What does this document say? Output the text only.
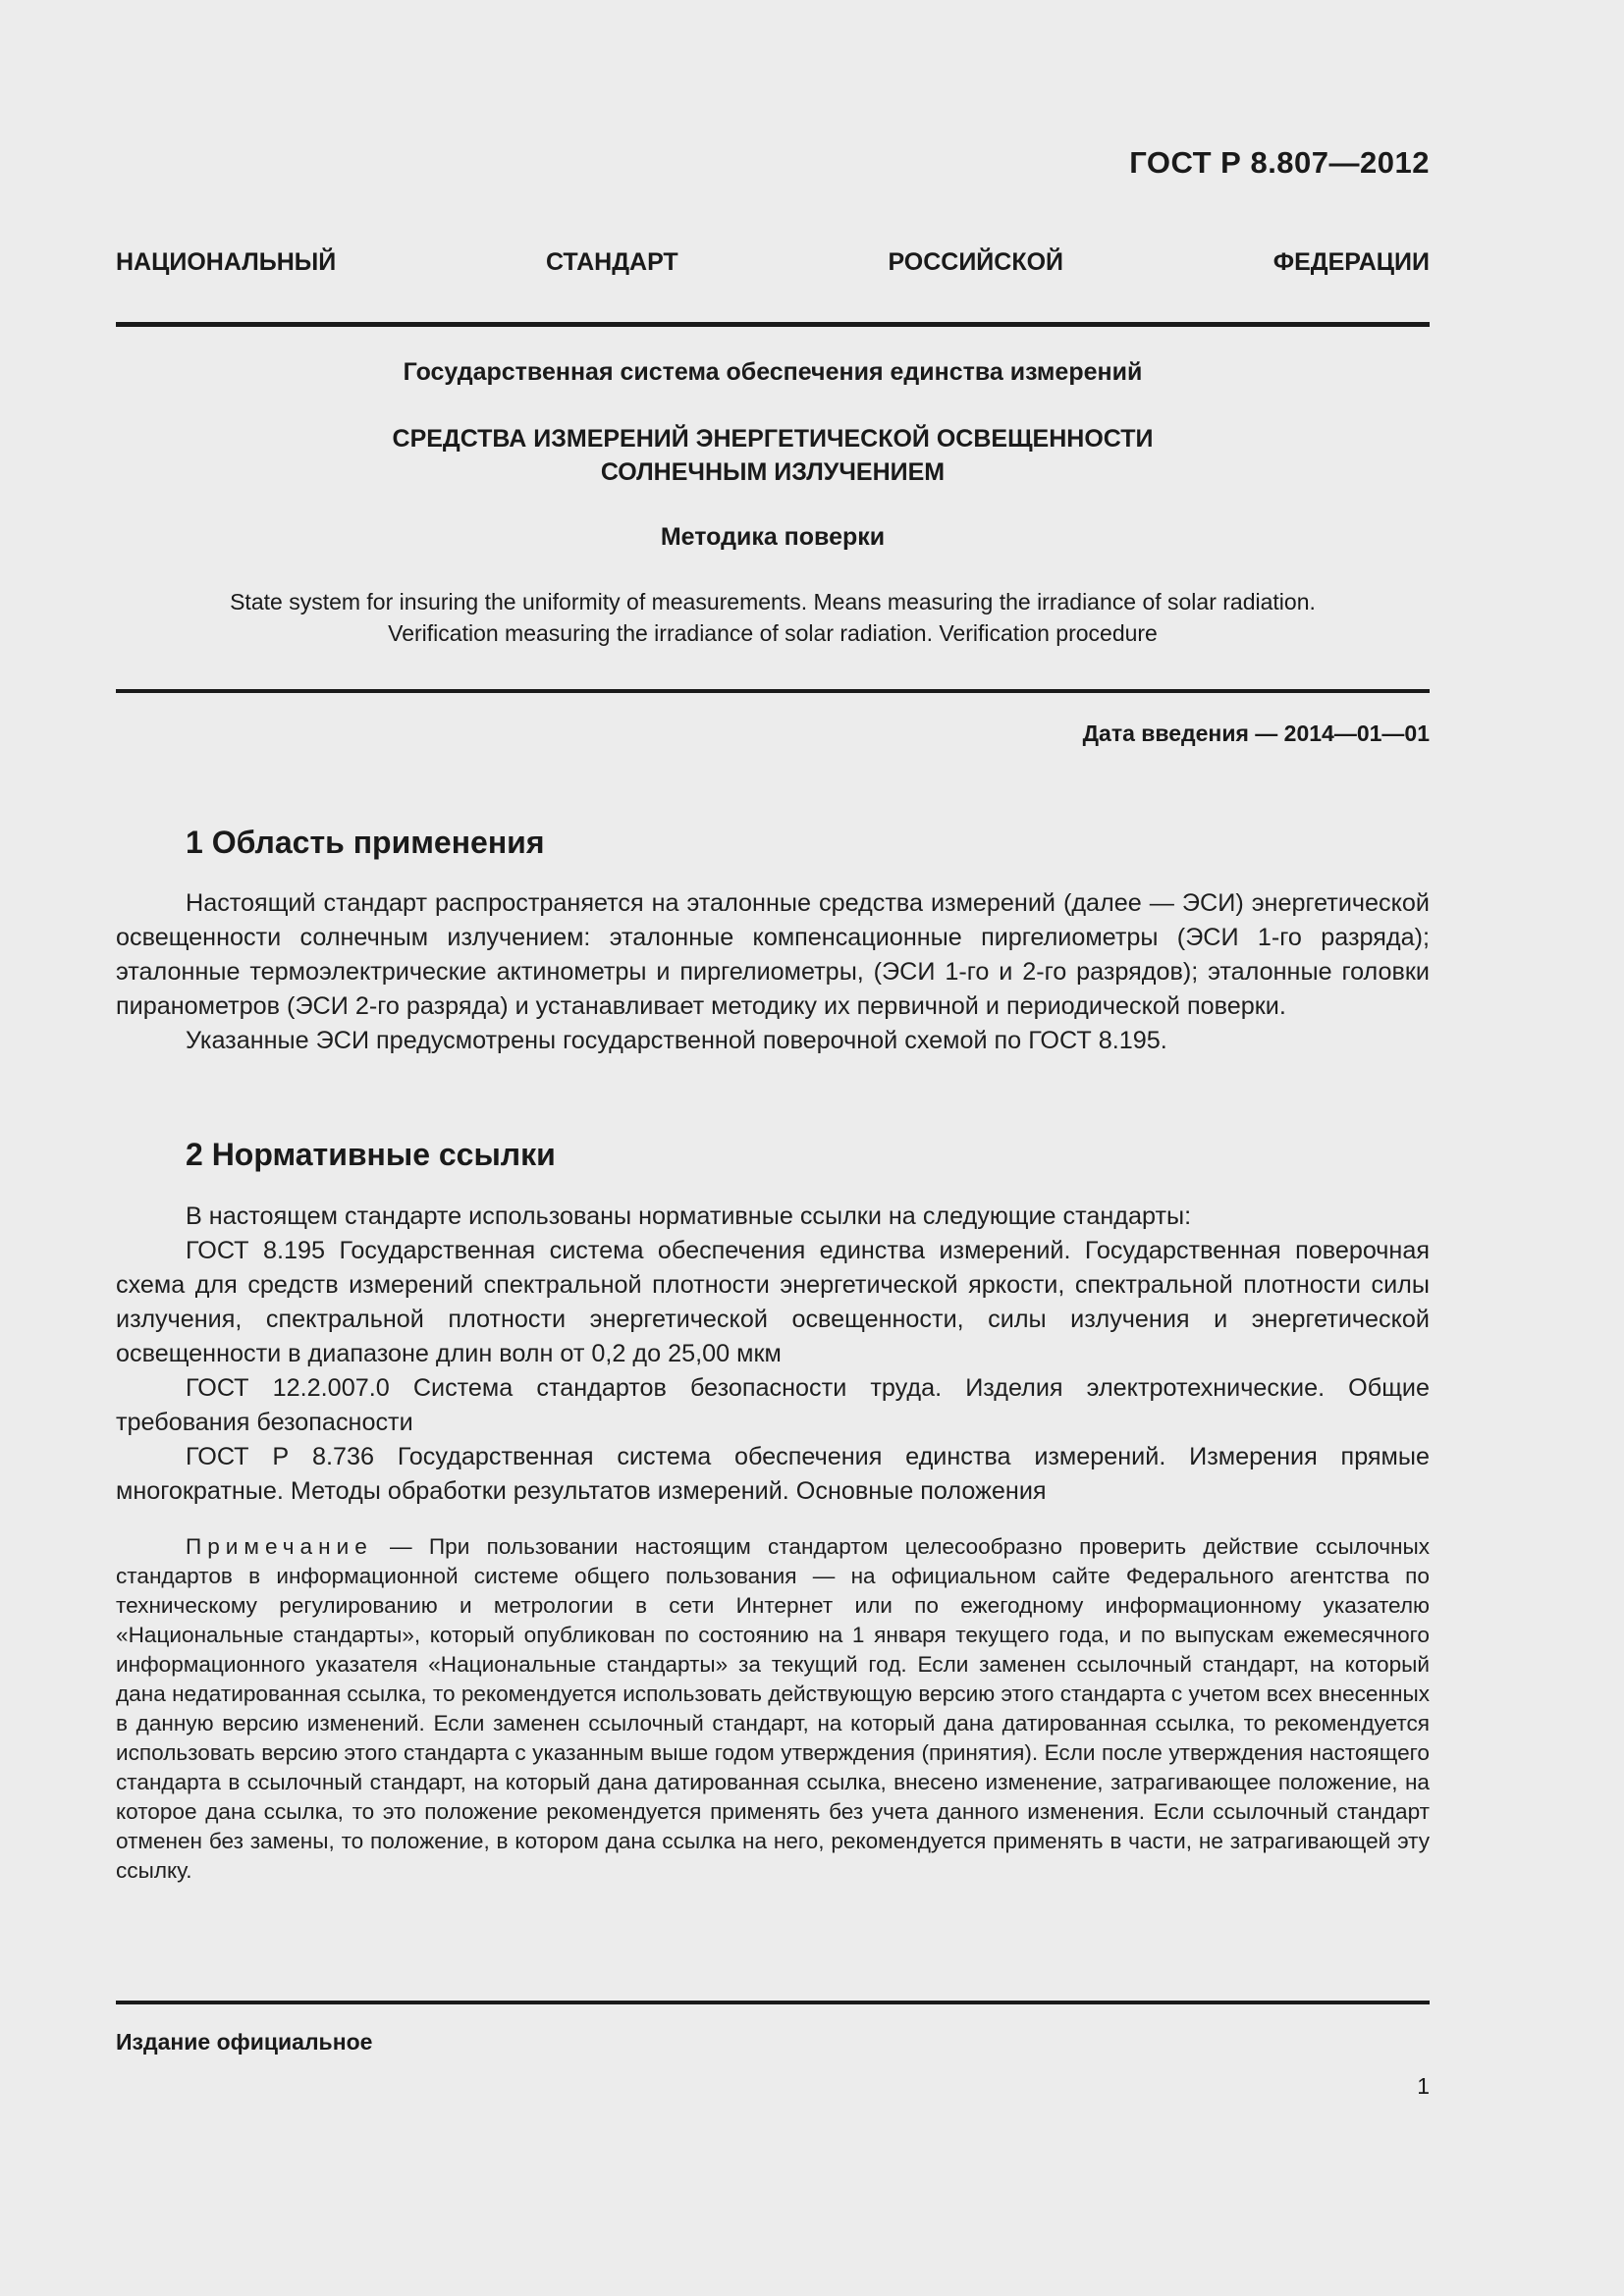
ГОСТ Р 8.807—2012
НАЦИОНАЛЬНЫЙ	СТАНДАРТ	РОССИЙСКОЙ	ФЕДЕРАЦИИ
Государственная система обеспечения единства измерений
СРЕДСТВА ИЗМЕРЕНИЙ ЭНЕРГЕТИЧЕСКОЙ ОСВЕЩЕННОСТИ
СОЛНЕЧНЫМ ИЗЛУЧЕНИЕМ
Методика поверки
State system for insuring the uniformity of measurements. Means measuring the irradiance of solar radiation.
Verification measuring the irradiance of solar radiation. Verification procedure
Дата введения — 2014—01—01
1 Область применения

Настоящий стандарт распространяется на эталонные средства измерений (далее — ЭСИ) энергетической освещенности солнечным излучением: эталонные компенсационные пиргелиометры (ЭСИ 1-го разряда); эталонные термоэлектрические актинометры и пиргелиометры, (ЭСИ 1-го и 2-го разрядов); эталонные головки пиранометров (ЭСИ 2-го разряда) и устанавливает методику их первичной и периодической поверки.

Указанные ЭСИ предусмотрены государственной поверочной схемой по ГОСТ 8.195.

2 Нормативные ссылки

В настоящем стандарте использованы нормативные ссылки на следующие стандарты:

ГОСТ 8.195 Государственная система обеспечения единства измерений. Государственная поверочная схема для средств измерений спектральной плотности энергетической яркости, спектральной плотности силы излучения, спектральной плотности энергетической освещенности, силы излучения и энергетической освещенности в диапазоне длин волн от 0,2 до 25,00 мкм

ГОСТ 12.2.007.0 Система стандартов безопасности труда. Изделия электротехнические. Общие требования безопасности

ГОСТ Р 8.736 Государственная система обеспечения единства измерений. Измерения прямые многократные. Методы обработки результатов измерений. Основные положения

Примечание — При пользовании настоящим стандартом целесообразно проверить действие ссылочных стандартов в информационной системе общего пользования — на официальном сайте Федерального агентства по техническому регулированию и метрологии в сети Интернет или по ежегодному информационному указателю «Национальные стандарты», который опубликован по состоянию на 1 января текущего года, и по выпускам ежемесячного информационного указателя «Национальные стандарты» за текущий год. Если заменен ссылочный стандарт, на который дана недатированная ссылка, то рекомендуется использовать действующую версию этого стандарта с учетом всех внесенных в данную версию изменений. Если заменен ссылочный стандарт, на который дана датированная ссылка, то рекомендуется использовать версию этого стандарта с указанным выше годом утверждения (принятия). Если после утверждения настоящего стандарта в ссылочный стандарт, на который дана датированная ссылка, внесено изменение, затрагивающее положение, на которое дана ссылка, то это положение рекомендуется применять без учета данного изменения. Если ссылочный стандарт отменен без замены, то положение, в котором дана ссылка на него, рекомендуется применять в части, не затрагивающей эту ссылку.
Издание официальное
1
